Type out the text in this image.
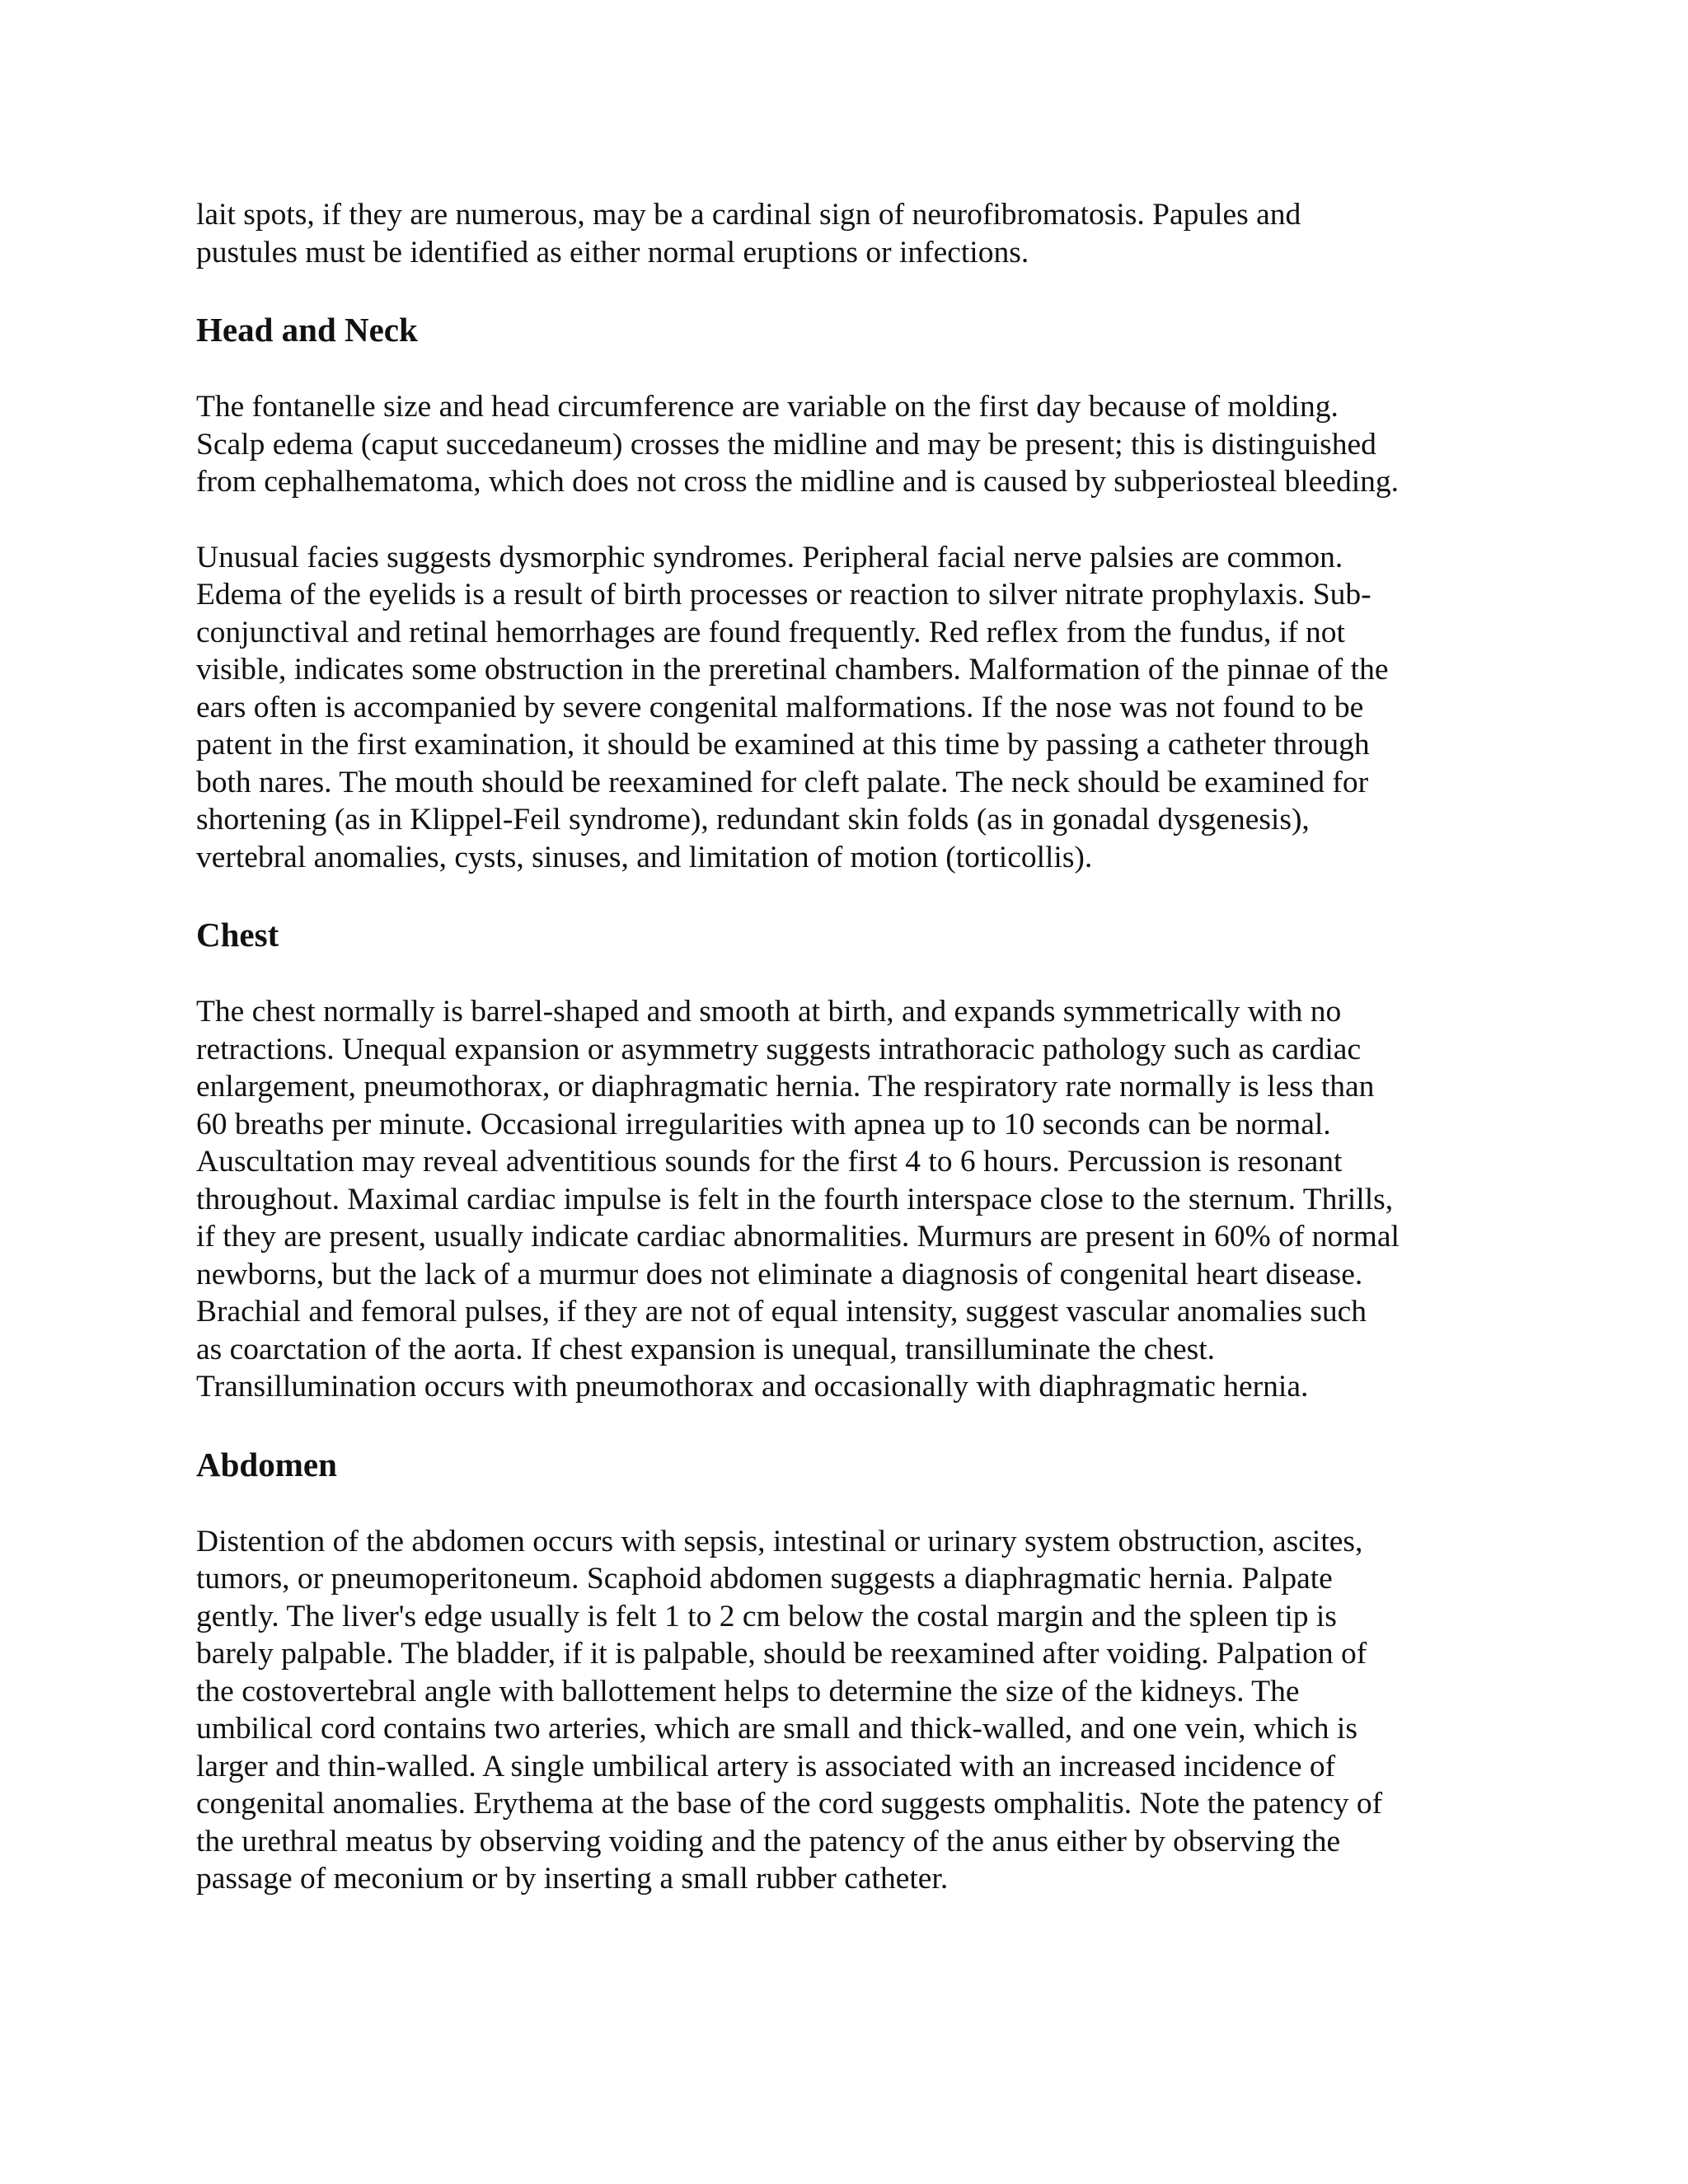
lait spots, if they are numerous, may be a cardinal sign of neurofibromatosis. Papules and
pustules must be identified as either normal eruptions or infections.

Head and Neck

The fontanelle size and head circumference are variable on the first day because of molding.
Scalp edema (caput succedaneum) crosses the midline and may be present; this is distinguished
from cephalhematoma, which does not cross the midline and is caused by subperiosteal bleeding.

Unusual facies suggests dysmorphic syndromes. Peripheral facial nerve palsies are common.
Edema of the eyelids is a result of birth processes or reaction to silver nitrate prophylaxis. Sub-
conjunctival and retinal hemorrhages are found frequently. Red reflex from the fundus, if not
visible, indicates some obstruction in the preretinal chambers. Malformation of the pinnae of the
ears often is accompanied by severe congenital malformations. If the nose was not found to be
patent in the first examination, it should be examined at this time by passing a catheter through
both nares. The mouth should be reexamined for cleft palate. The neck should be examined for
shortening (as in Klippel-Feil syndrome), redundant skin folds (as in gonadal dysgenesis),
vertebral anomalies, cysts, sinuses, and limitation of motion (torticollis).

Chest

The chest normally is barrel-shaped and smooth at birth, and expands symmetrically with no
retractions. Unequal expansion or asymmetry suggests intrathoracic pathology such as cardiac
enlargement, pneumothorax, or diaphragmatic hernia. The respiratory rate normally is less than
60 breaths per minute. Occasional irregularities with apnea up to 10 seconds can be normal.
Auscultation may reveal adventitious sounds for the first 4 to 6 hours. Percussion is resonant
throughout. Maximal cardiac impulse is felt in the fourth interspace close to the sternum. Thrills,
if they are present, usually indicate cardiac abnormalities. Murmurs are present in 60% of normal
newborns, but the lack of a murmur does not eliminate a diagnosis of congenital heart disease.
Brachial and femoral pulses, if they are not of equal intensity, suggest vascular anomalies such
as coarctation of the aorta. If chest expansion is unequal, transilluminate the chest.
Transillumination occurs with pneumothorax and occasionally with diaphragmatic hernia.

Abdomen

Distention of the abdomen occurs with sepsis, intestinal or urinary system obstruction, ascites,
tumors, or pneumoperitoneum. Scaphoid abdomen suggests a diaphragmatic hernia. Palpate
gently. The liver's edge usually is felt 1 to 2 cm below the costal margin and the spleen tip is
barely palpable. The bladder, if it is palpable, should be reexamined after voiding. Palpation of
the costovertebral angle with ballottement helps to determine the size of the kidneys. The
umbilical cord contains two arteries, which are small and thick-walled, and one vein, which is
larger and thin-walled. A single umbilical artery is associated with an increased incidence of
congenital anomalies. Erythema at the base of the cord suggests omphalitis. Note the patency of
the urethral meatus by observing voiding and the patency of the anus either by observing the
passage of meconium or by inserting a small rubber catheter.
